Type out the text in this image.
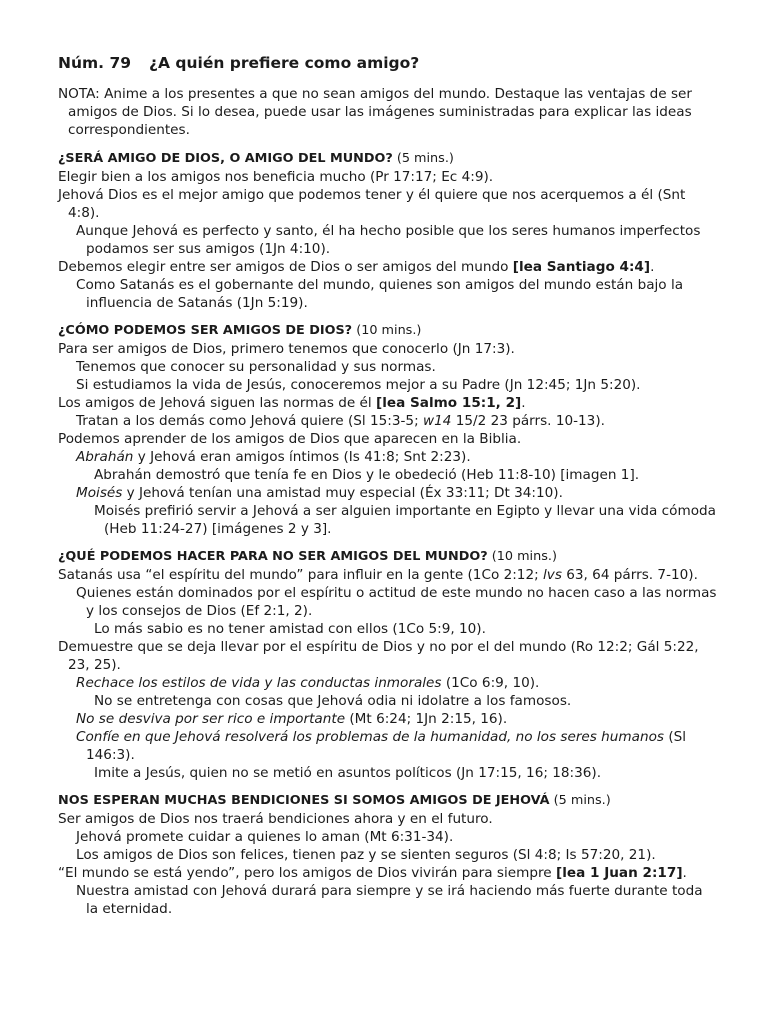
Núm. 79 ¿A quién prefiere como amigo?

NOTA: Anime a los presentes a que no sean amigos del mundo. Destaque las ventajas de ser amigos de Dios. Si lo desea, puede usar las imágenes suministradas para explicar las ideas correspondientes.

¿SERÁ AMIGO DE DIOS, O AMIGO DEL MUNDO? (5 mins.)

Elegir bien a los amigos nos beneficia mucho (Pr 17:17; Ec 4:9).

Jehová Dios es el mejor amigo que podemos tener y él quiere que nos acerquemos a él (Snt 4:8).

Aunque Jehová es perfecto y santo, él ha hecho posible que los seres humanos imperfectos podamos ser sus amigos (1Jn 4:10).

Debemos elegir entre ser amigos de Dios o ser amigos del mundo [lea Santiago 4:4].

Como Satanás es el gobernante del mundo, quienes son amigos del mundo están bajo la influencia de Satanás (1Jn 5:19).

¿CÓMO PODEMOS SER AMIGOS DE DIOS? (10 mins.)

Para ser amigos de Dios, primero tenemos que conocerlo (Jn 17:3).

Tenemos que conocer su personalidad y sus normas.

Si estudiamos la vida de Jesús, conoceremos mejor a su Padre (Jn 12:45; 1Jn 5:20).

Los amigos de Jehová siguen las normas de él [lea Salmo 15:1, 2].

Tratan a los demás como Jehová quiere (Sl 15:3-5; w14 15/2 23 párrs. 10-13).

Podemos aprender de los amigos de Dios que aparecen en la Biblia.

Abrahán y Jehová eran amigos íntimos (Is 41:8; Snt 2:23).

Abrahán demostró que tenía fe en Dios y le obedeció (Heb 11:8-10) [imagen 1].

Moisés y Jehová tenían una amistad muy especial (Éx 33:11; Dt 34:10).

Moisés prefirió servir a Jehová a ser alguien importante en Egipto y llevar una vida cómoda (Heb 11:24-27) [imágenes 2 y 3].

¿QUÉ PODEMOS HACER PARA NO SER AMIGOS DEL MUNDO? (10 mins.)

Satanás usa “el espíritu del mundo” para influir en la gente (1Co 2:12; lvs 63, 64 párrs. 7-10).

Quienes están dominados por el espíritu o actitud de este mundo no hacen caso a las normas y los consejos de Dios (Ef 2:1, 2).

Lo más sabio es no tener amistad con ellos (1Co 5:9, 10).

Demuestre que se deja llevar por el espíritu de Dios y no por el del mundo (Ro 12:2; Gál 5:22, 23, 25).

Rechace los estilos de vida y las conductas inmorales (1Co 6:9, 10).

No se entretenga con cosas que Jehová odia ni idolatre a los famosos.

No se desviva por ser rico e importante (Mt 6:24; 1Jn 2:15, 16).

Confíe en que Jehová resolverá los problemas de la humanidad, no los seres humanos (Sl 146:3).

Imite a Jesús, quien no se metió en asuntos políticos (Jn 17:15, 16; 18:36).

NOS ESPERAN MUCHAS BENDICIONES SI SOMOS AMIGOS DE JEHOVÁ (5 mins.)

Ser amigos de Dios nos traerá bendiciones ahora y en el futuro.

Jehová promete cuidar a quienes lo aman (Mt 6:31-34).

Los amigos de Dios son felices, tienen paz y se sienten seguros (Sl 4:8; Is 57:20, 21).

“El mundo se está yendo”, pero los amigos de Dios vivirán para siempre [lea 1 Juan 2:17].

Nuestra amistad con Jehová durará para siempre y se irá haciendo más fuerte durante toda la eternidad.
